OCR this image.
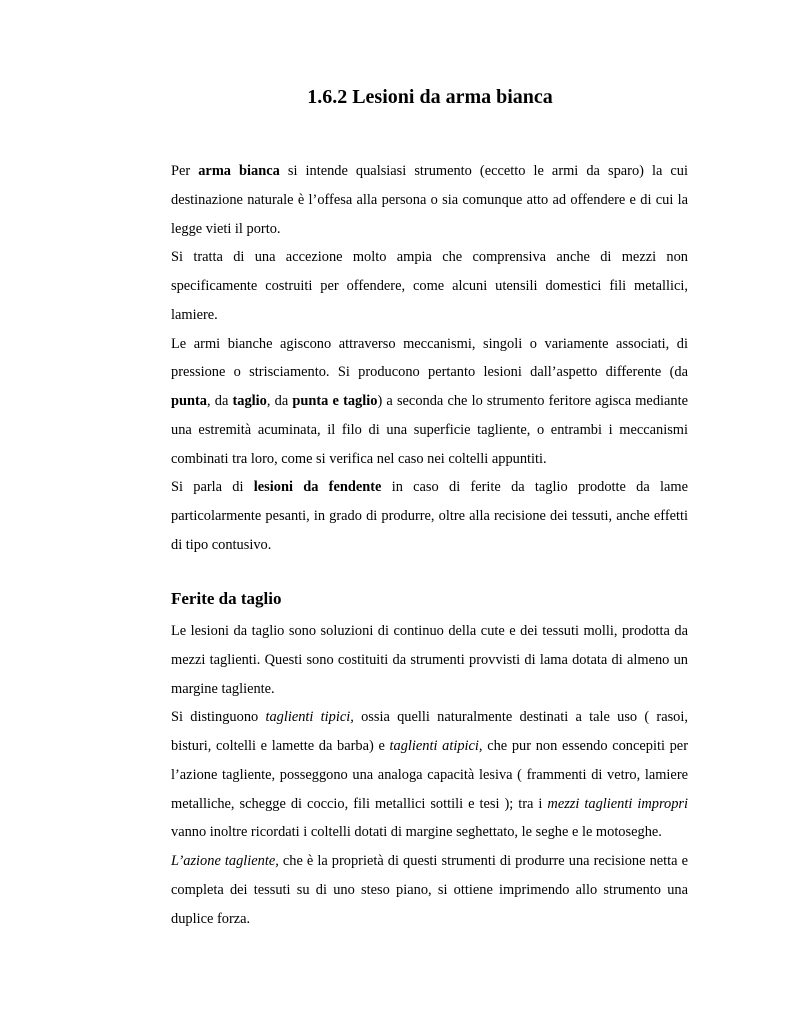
1.6.2 Lesioni da arma bianca

Per arma bianca si intende qualsiasi strumento (eccetto le armi da sparo) la cui destinazione naturale è l’offesa alla persona o sia comunque atto ad offendere e di cui la legge vieti il porto.

Si tratta di una accezione molto ampia che comprensiva anche di mezzi non specificamente costruiti per offendere, come alcuni utensili domestici fili metallici, lamiere.

Le armi bianche agiscono attraverso meccanismi, singoli o variamente associati, di pressione o strisciamento. Si producono pertanto lesioni dall’aspetto differente (da punta, da taglio, da punta e taglio) a seconda che lo strumento feritore agisca mediante una estremità acuminata, il filo di una superficie tagliente, o entrambi i meccanismi combinati tra loro, come si verifica nel caso nei coltelli appuntiti.

Si parla di lesioni da fendente in caso di ferite da taglio prodotte da lame particolarmente pesanti, in grado di produrre, oltre alla recisione dei tessuti, anche effetti di tipo contusivo.

Ferite da taglio

Le lesioni da taglio sono soluzioni di continuo della cute e dei tessuti molli, prodotta da mezzi taglienti. Questi sono costituiti da strumenti provvisti di lama dotata di almeno un margine tagliente.

Si distinguono taglienti tipici, ossia quelli naturalmente destinati a tale uso ( rasoi, bisturi, coltelli e lamette da barba) e taglienti atipici, che pur non essendo concepiti per l’azione tagliente, posseggono una analoga capacità lesiva ( frammenti di vetro, lamiere metalliche, schegge di coccio, fili metallici sottili e tesi ); tra i mezzi taglienti impropri vanno inoltre ricordati i coltelli dotati di margine seghettato, le seghe e le motoseghe.

L’azione tagliente, che è la proprietà di questi strumenti di produrre una recisione netta e completa dei tessuti su di uno steso piano, si ottiene imprimendo allo strumento una duplice forza.
